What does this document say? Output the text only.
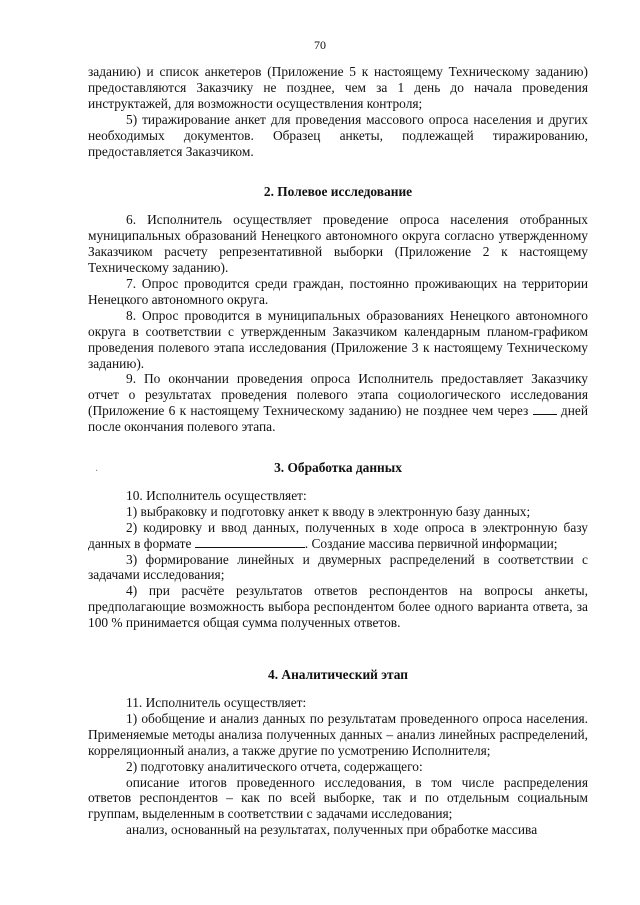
70
·

заданию) и список анкетеров (Приложение 5 к настоящему Техническому заданию) предоставляются Заказчику не позднее, чем за 1 день до начала проведения инструктажей, для возможности осуществления контроля;

5) тиражирование анкет для проведения массового опроса населения и других необходимых документов. Образец анкеты, подлежащей тиражированию, предоставляется Заказчиком.

2. Полевое исследование

6. Исполнитель осуществляет проведение опроса населения отобранных муниципальных образований Ненецкого автономного округа согласно утвержденному Заказчиком расчету репрезентативной выборки (Приложение 2 к настоящему Техническому заданию).

7. Опрос проводится среди граждан, постоянно проживающих на территории Ненецкого автономного округа.

8. Опрос проводится в муниципальных образованиях Ненецкого автономного округа в соответствии с утвержденным Заказчиком календарным планом-графиком проведения полевого этапа исследования (Приложение 3 к настоящему Техническому заданию).

9. По окончании проведения опроса Исполнитель предоставляет Заказчику отчет о результатах проведения полевого этапа социологического исследования (Приложение 6 к настоящему Техническому заданию) не позднее чем через дней после окончания полевого этапа.

3. Обработка данных

10. Исполнитель осуществляет:

1) выбраковку и подготовку анкет к вводу в электронную базу данных;

2) кодировку и ввод данных, полученных в ходе опроса в электронную базу данных в формате	. Создание массива первичной информации;

3) формирование линейных и двумерных распределений в соответствии с задачами исследования;

4) при расчёте результатов ответов респондентов на вопросы анкеты, предполагающие возможность выбора респондентом более одного варианта ответа, за 100 % принимается общая сумма полученных ответов.

4. Аналитический этап

11. Исполнитель осуществляет:

1) обобщение и анализ данных по результатам проведенного опроса населения. Применяемые методы анализа полученных данных – анализ линейных распределений, корреляционный анализ, а также другие по усмотрению Исполнителя;

2) подготовку аналитического отчета, содержащего:

описание итогов проведенного исследования, в том числе распределения ответов респондентов – как по всей выборке, так и по отдельным социальным группам, выделенным в соответствии с задачами исследования;

анализ, основанный на результатах, полученных при обработке массива
